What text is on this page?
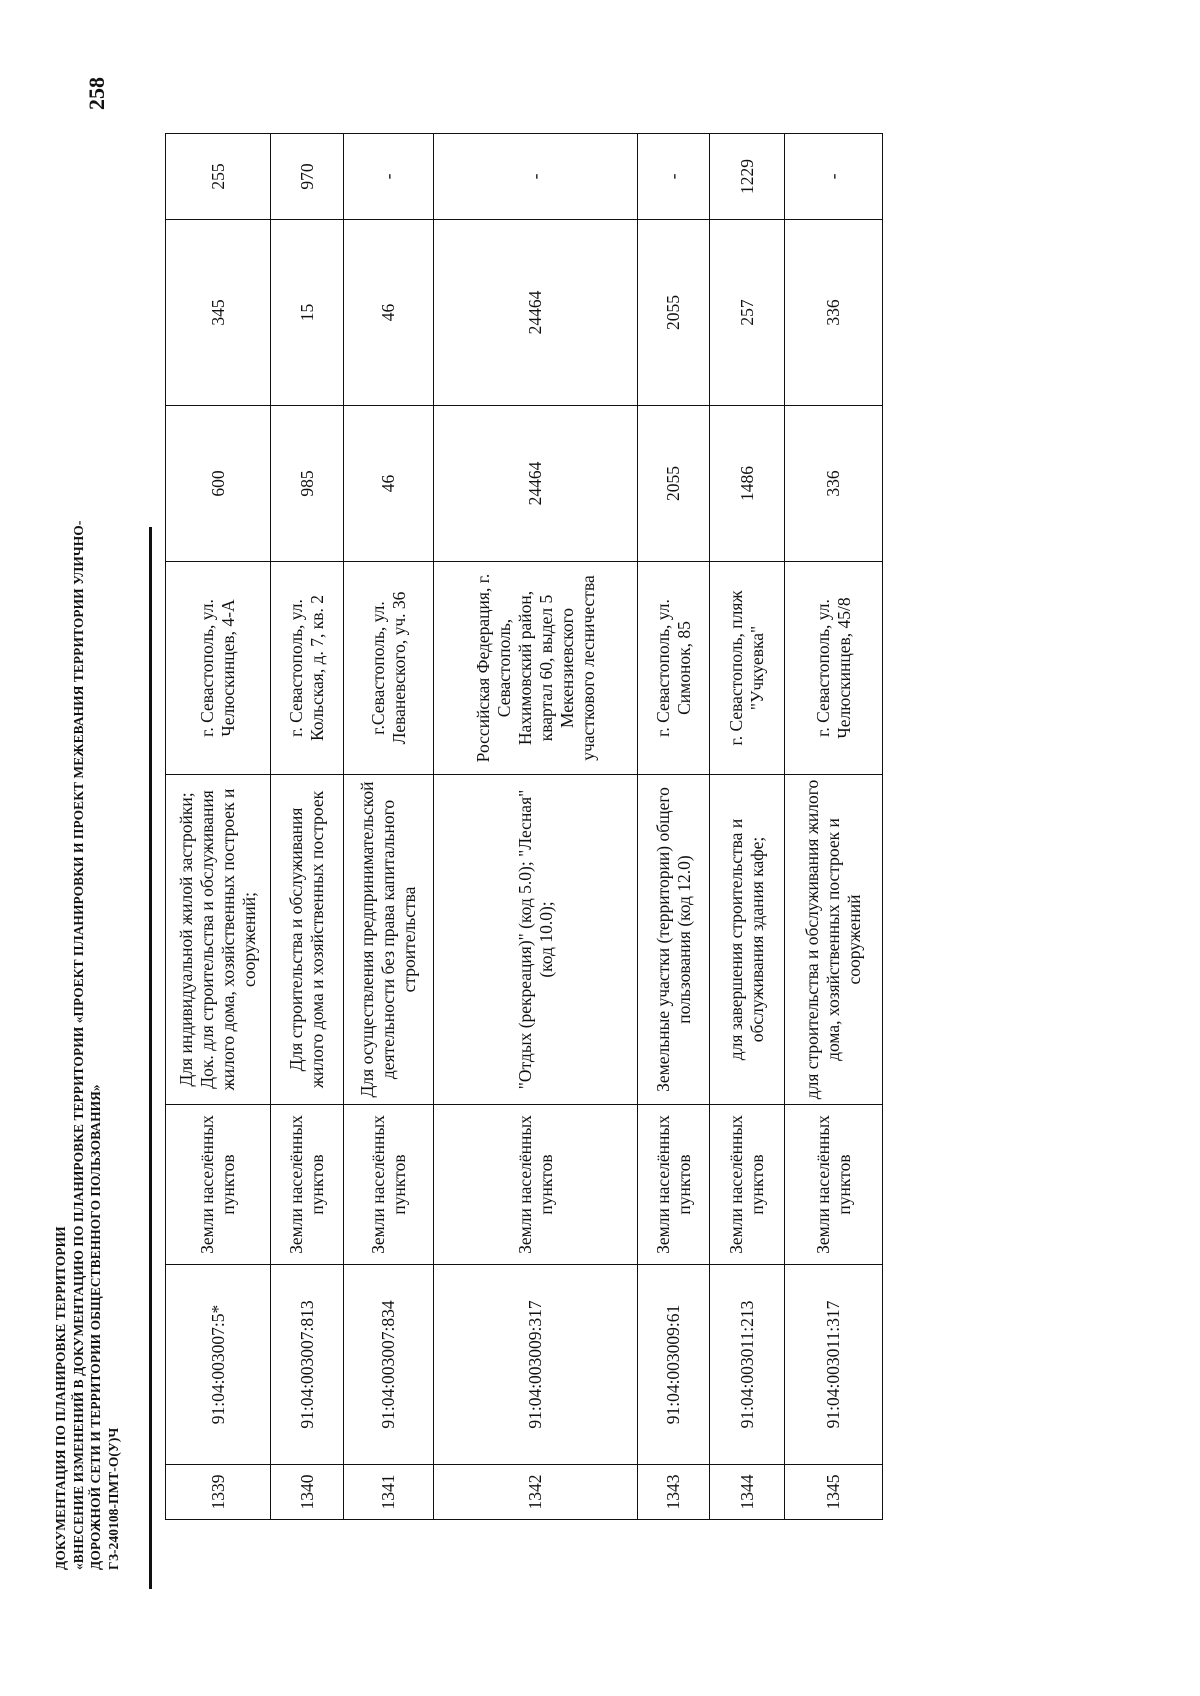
258
ДОКУМЕНТАЦИЯ ПО ПЛАНИРОВКЕ ТЕРРИТОРИИ «ВНЕСЕНИЕ ИЗМЕНЕНИЙ В ДОКУМЕНТАЦИЮ ПО ПЛАНИРОВКЕ ТЕРРИТОРИИ «ПРОЕКТ ПЛАНИРОВКИ И ПРОЕКТ МЕЖЕВАНИЯ ТЕРРИТОРИИ УЛИЧНО- ДОРОЖНОЙ СЕТИ И ТЕРРИТОРИИ ОБЩЕСТВЕННОГО ПОЛЬЗОВАНИЯ» ГЗ-240108-ПМТ-О(У)Ч	1339	91:04:003007:5*	Земли населённых пунктов	Для индивидуальной жилой застройки; Док. для строительства и обслуживания жилого дома, хозяйственных построек и сооружений;	г. Севастополь, ул. Челюскинцев, 4-А	600	345	255
1340	91:04:003007:813	Земли населённых пунктов	Для строительства и обслуживания жилого дома и хозяйственных построек	г. Севастополь, ул. Кольская, д. 7, кв. 2	985	15	970
1341	91:04:003007:834	Земли населённых пунктов	Для осуществления предпринимательской деятельности без права капитального строительства	г.Севастополь, ул. Леваневского, уч. 36	46	46	-
1342	91:04:003009:317	Земли населённых пунктов	"Отдых (рекреация)" (код 5.0); "Лесная" (код 10.0);	Российская Федерация, г. Севастополь, Нахимовский район, квартал 60, выдел 5 Мекензиевского участкового лесничества	24464	24464	-
1343	91:04:003009:61	Земли населённых пунктов	Земельные участки (территории) общего пользования (код 12.0)	г. Севастополь, ул. Симонок, 85	2055	2055	-
1344	91:04:003011:213	Земли населённых пунктов	для завершения строительства и обслуживания здания кафе;	г. Севастополь, пляж "Учкуевка"	1486	257	1229
1345	91:04:003011:317	Земли населённых пунктов	для строительства и обслуживания жилого дома, хозяйственных построек и сооружений	г. Севастополь, ул. Челюскинцев, 45/8	336	336	-
